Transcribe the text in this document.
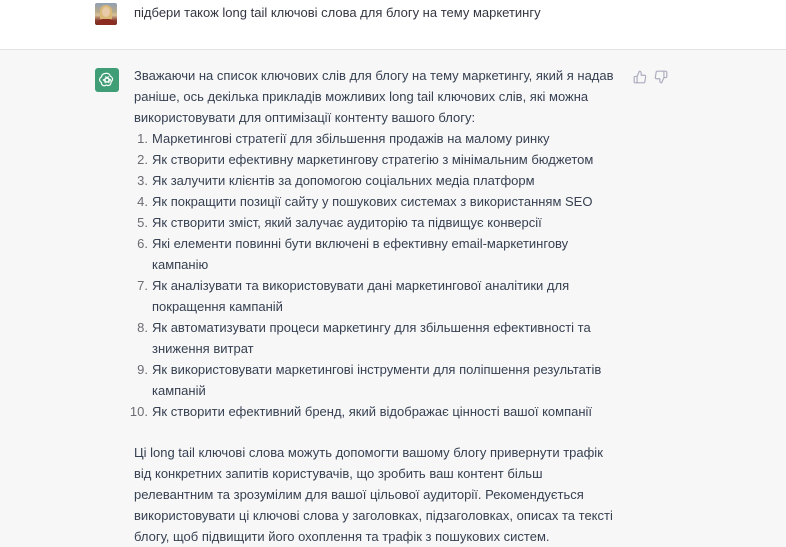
підбери також long tail ключові слова для блогу на тему маркетингу

Зважаючи на список ключових слів для блогу на тему маркетингу, який я надав раніше, ось декілька прикладів можливих long tail ключових слів, які можна використовувати для оптимізації контенту вашого блогу:

1. Маркетингові стратегії для збільшення продажів на малому ринку
2. Як створити ефективну маркетингову стратегію з мінімальним бюджетом
3. Як залучити клієнтів за допомогою соціальних медіа платформ
4. Як покращити позиції сайту у пошукових системах з використанням SEO
5. Як створити зміст, який залучає аудиторію та підвищує конверсії
6. Які елементи повинні бути включені в ефективну email-маркетингову кампанію
7. Як аналізувати та використовувати дані маркетингової аналітики для покращення кампаній
8. Як автоматизувати процеси маркетингу для збільшення ефективності та зниження витрат
9. Як використовувати маркетингові інструменти для поліпшення результатів кампаній
10. Як створити ефективний бренд, який відображає цінності вашої компанії

Ці long tail ключові слова можуть допомогти вашому блогу привернути трафік від конкретних запитів користувачів, що зробить ваш контент більш релевантним та зрозумілим для вашої цільової аудиторії. Рекомендується використовувати ці ключові слова у заголовках, підзаголовках, описах та тексті блогу, щоб підвищити його охоплення та трафік з пошукових систем.
